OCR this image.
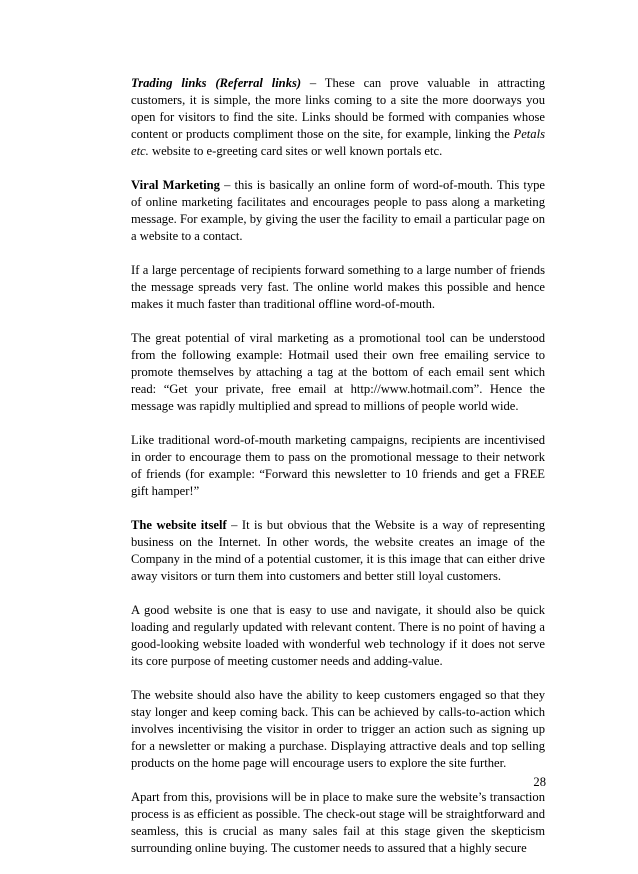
Trading links (Referral links) – These can prove valuable in attracting customers, it is simple, the more links coming to a site the more doorways you open for visitors to find the site. Links should be formed with companies whose content or products compliment those on the site, for example, linking the Petals etc. website to e-greeting card sites or well known portals etc.

Viral Marketing – this is basically an online form of word-of-mouth. This type of online marketing facilitates and encourages people to pass along a marketing message. For example, by giving the user the facility to email a particular page on a website to a contact.

If a large percentage of recipients forward something to a large number of friends the message spreads very fast. The online world makes this possible and hence makes it much faster than traditional offline word-of-mouth.

The great potential of viral marketing as a promotional tool can be understood from the following example: Hotmail used their own free emailing service to promote themselves by attaching a tag at the bottom of each email sent which read: “Get your private, free email at http://www.hotmail.com”. Hence the message was rapidly multiplied and spread to millions of people world wide.

Like traditional word-of-mouth marketing campaigns, recipients are incentivised in order to encourage them to pass on the promotional message to their network of friends (for example: “Forward this newsletter to 10 friends and get a FREE gift hamper!”

The website itself – It is but obvious that the Website is a way of representing business on the Internet. In other words, the website creates an image of the Company in the mind of a potential customer, it is this image that can either drive away visitors or turn them into customers and better still loyal customers.

A good website is one that is easy to use and navigate, it should also be quick loading and regularly updated with relevant content. There is no point of having a good-looking website loaded with wonderful web technology if it does not serve its core purpose of meeting customer needs and adding-value.

The website should also have the ability to keep customers engaged so that they stay longer and keep coming back. This can be achieved by calls-to-action which involves incentivising the visitor in order to trigger an action such as signing up for a newsletter or making a purchase. Displaying attractive deals and top selling products on the home page will encourage users to explore the site further.

Apart from this, provisions will be in place to make sure the website’s transaction process is as efficient as possible. The check-out stage will be straightforward and seamless, this is crucial as many sales fail at this stage given the skepticism surrounding online buying. The customer needs to assured that a highly secure

28
